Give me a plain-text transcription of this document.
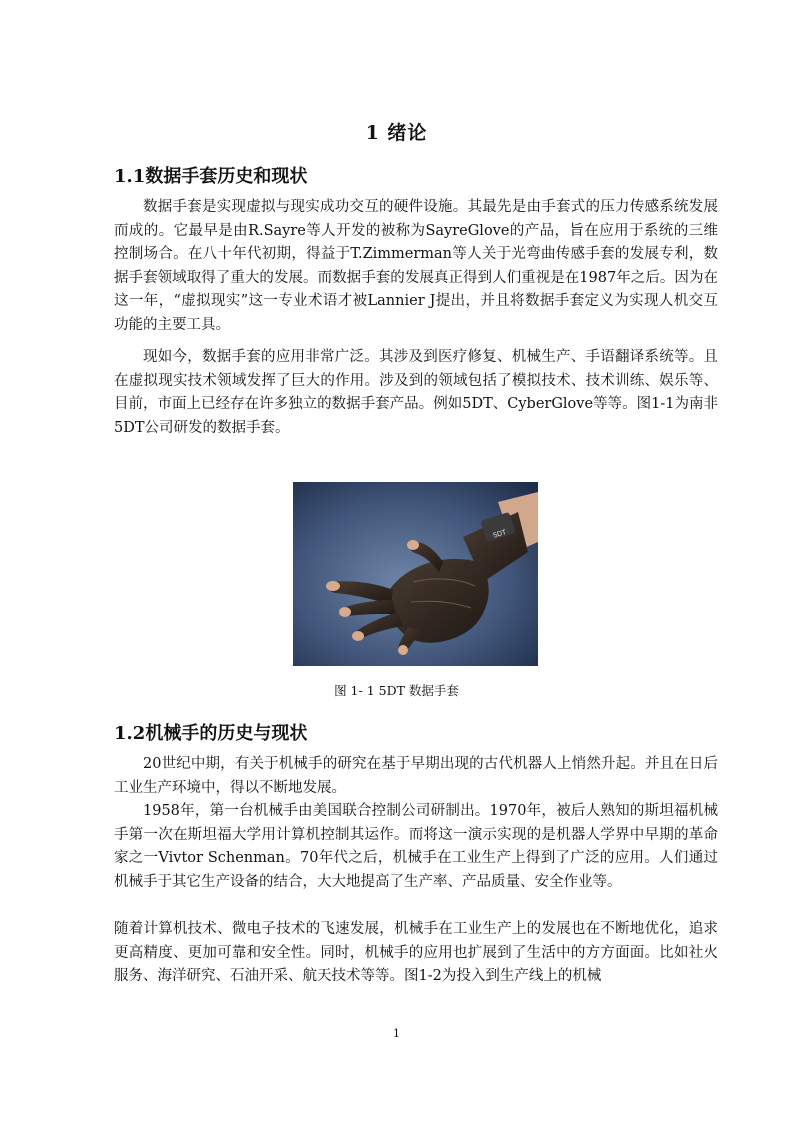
1 绪论
1.1数据手套历史和现状

数据手套是实现虚拟与现实成功交互的硬件设施。其最先是由手套式的压力传感系统发展而成的。它最早是由R.Sayre等人开发的被称为SayreGlove的产品，旨在应用于系统的三维控制场合。在八十年代初期，得益于T.Zimmerman等人关于光弯曲传感手套的发展专利，数据手套领域取得了重大的发展。而数据手套的发展真正得到人们重视是在1987年之后。因为在这一年，“虚拟现实”这一专业术语才被Lannier J提出，并且将数据手套定义为实现人机交互功能的主要工具。

现如今，数据手套的应用非常广泛。其涉及到医疗修复、机械生产、手语翻译系统等。且在虚拟现实技术领域发挥了巨大的作用。涉及到的领域包括了模拟技术、技术训练、娱乐等、目前，市面上已经存在许多独立的数据手套产品。例如5DT、CyberGlove等等。图1-1为南非5DT公司研发的数据手套。

5DT
图 1- 1 5DT 数据手套
1.2机械手的历史与现状

20世纪中期，有关于机械手的研究在基于早期出现的古代机器人上悄然升起。并且在日后工业生产环境中，得以不断地发展。

1958年，第一台机械手由美国联合控制公司研制出。1970年，被后人熟知的斯坦福机械手第一次在斯坦福大学用计算机控制其运作。而将这一演示实现的是机器人学界中早期的革命家之一Vivtor Schenman。70年代之后，机械手在工业生产上得到了广泛的应用。人们通过机械手于其它生产设备的结合，大大地提高了生产率、产品质量、安全作业等。

随着计算机技术、微电子技术的飞速发展，机械手在工业生产上的发展也在不断地优化，追求更高精度、更加可靠和安全性。同时，机械手的应用也扩展到了生活中的方方面面。比如社火服务、海洋研究、石油开采、航天技术等等。图1-2为投入到生产线上的机械

1
